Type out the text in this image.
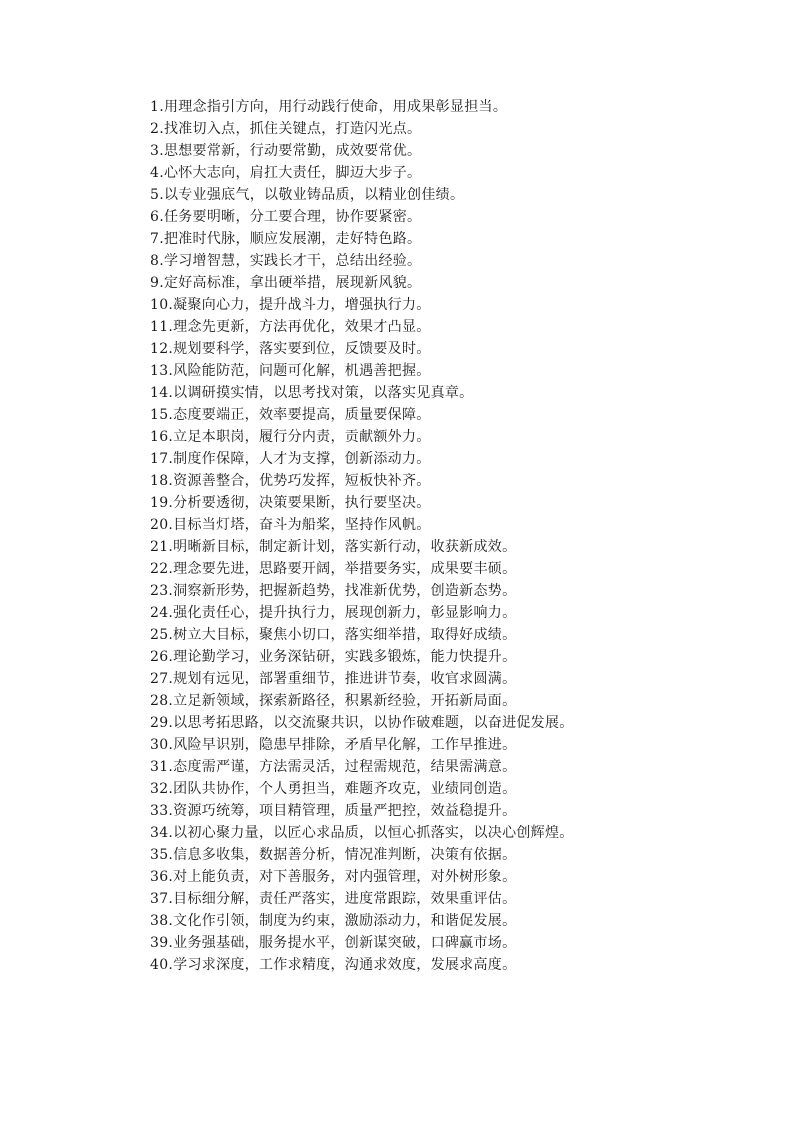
1.用理念指引方向，用行动践行使命，用成果彰显担当。
2.找准切入点，抓住关键点，打造闪光点。
3.思想要常新，行动要常勤，成效要常优。
4.心怀大志向，肩扛大责任，脚迈大步子。
5.以专业强底气，以敬业铸品质，以精业创佳绩。
6.任务要明晰，分工要合理，协作要紧密。
7.把准时代脉，顺应发展潮，走好特色路。
8.学习增智慧，实践长才干，总结出经验。
9.定好高标准，拿出硬举措，展现新风貌。
10.凝聚向心力，提升战斗力，增强执行力。
11.理念先更新，方法再优化，效果才凸显。
12.规划要科学，落实要到位，反馈要及时。
13.风险能防范，问题可化解，机遇善把握。
14.以调研摸实情，以思考找对策，以落实见真章。
15.态度要端正，效率要提高，质量要保障。
16.立足本职岗，履行分内责，贡献额外力。
17.制度作保障，人才为支撑，创新添动力。
18.资源善整合，优势巧发挥，短板快补齐。
19.分析要透彻，决策要果断，执行要坚决。
20.目标当灯塔，奋斗为船桨，坚持作风帆。
21.明晰新目标，制定新计划，落实新行动，收获新成效。
22.理念要先进，思路要开阔，举措要务实，成果要丰硕。
23.洞察新形势，把握新趋势，找准新优势，创造新态势。
24.强化责任心，提升执行力，展现创新力，彰显影响力。
25.树立大目标，聚焦小切口，落实细举措，取得好成绩。
26.理论勤学习，业务深钻研，实践多锻炼，能力快提升。
27.规划有远见，部署重细节，推进讲节奏，收官求圆满。
28.立足新领域，探索新路径，积累新经验，开拓新局面。
29.以思考拓思路，以交流聚共识，以协作破难题，以奋进促发展。
30.风险早识别，隐患早排除，矛盾早化解，工作早推进。
31.态度需严谨，方法需灵活，过程需规范，结果需满意。
32.团队共协作，个人勇担当，难题齐攻克，业绩同创造。
33.资源巧统筹，项目精管理，质量严把控，效益稳提升。
34.以初心聚力量，以匠心求品质，以恒心抓落实，以决心创辉煌。
35.信息多收集，数据善分析，情况准判断，决策有依据。
36.对上能负责，对下善服务，对内强管理，对外树形象。
37.目标细分解，责任严落实，进度常跟踪，效果重评估。
38.文化作引领，制度为约束，激励添动力，和谐促发展。
39.业务强基础，服务提水平，创新谋突破，口碑赢市场。
40.学习求深度，工作求精度，沟通求效度，发展求高度。
